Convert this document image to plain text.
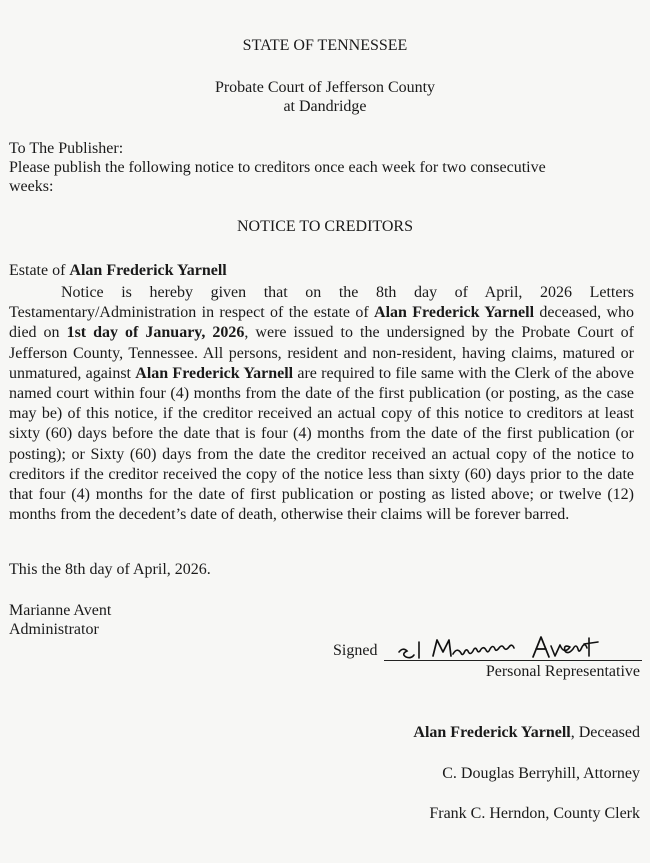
STATE OF TENNESSEE
Probate Court of Jefferson County
at Dandridge
To The Publisher:
Please publish the following notice to creditors once each week for two consecutive
weeks:
NOTICE TO CREDITORS
Estate of Alan Frederick Yarnell
Notice is hereby given that on the 8th day of April, 2026 Letters Testamentary/Administration in respect of the estate of Alan Frederick Yarnell deceased, who died on 1st day of January, 2026, were issued to the undersigned by the Probate Court of Jefferson County, Tennessee. All persons, resident and non-resident, having claims, matured or unmatured, against Alan Frederick Yarnell are required to file same with the Clerk of the above named court within four (4) months from the date of the first publication (or posting, as the case may be) of this notice, if the creditor received an actual copy of this notice to creditors at least sixty (60) days before the date that is four (4) months from the date of the first publication (or posting); or Sixty (60) days from the date the creditor received an actual copy of the notice to creditors if the creditor received the copy of the notice less than sixty (60) days prior to the date that four (4) months for the date of first publication or posting as listed above; or twelve (12) months from the decedent’s date of death, otherwise their claims will be forever barred.
This the 8th day of April, 2026.
Marianne Avent
Administrator
Signed
Personal Representative
Alan Frederick Yarnell, Deceased
C. Douglas Berryhill, Attorney
Frank C. Herndon, County Clerk
